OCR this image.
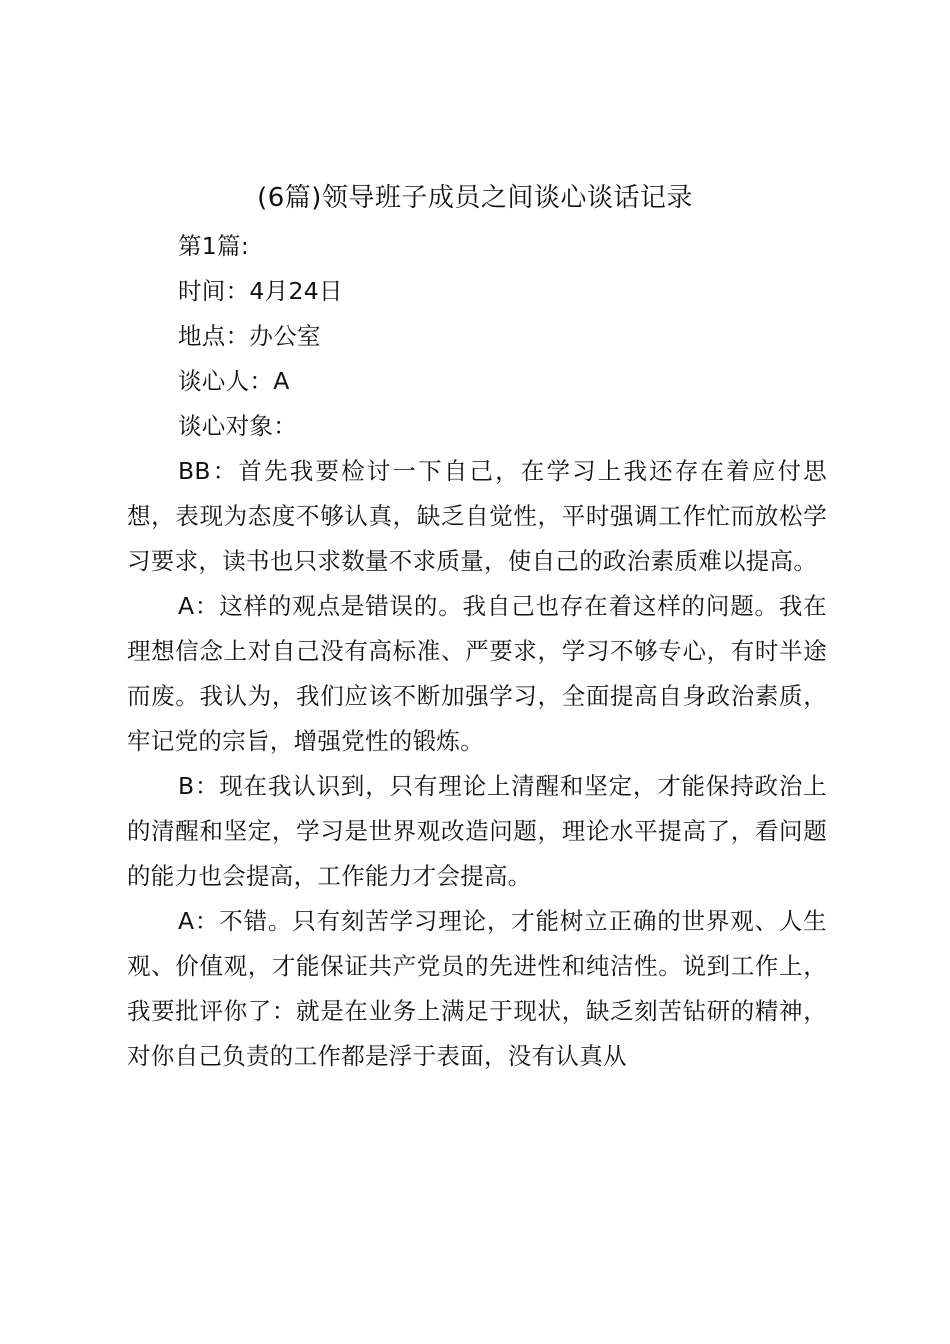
(6篇)领导班子成员之间谈心谈话记录

第1篇:

时间：4月24日

地点：办公室

谈心人：A

谈心对象：

BB：首先我要检讨一下自己，在学习上我还存在着应付思想，表现为态度不够认真，缺乏自觉性，平时强调工作忙而放松学习要求，读书也只求数量不求质量，使自己的政治素质难以提高。

A：这样的观点是错误的。我自己也存在着这样的问题。我在理想信念上对自己没有高标准、严要求，学习不够专心，有时半途而废。我认为，我们应该不断加强学习，全面提高自身政治素质，牢记党的宗旨，增强党性的锻炼。

B：现在我认识到，只有理论上清醒和坚定，才能保持政治上的清醒和坚定，学习是世界观改造问题，理论水平提高了，看问题的能力也会提高，工作能力才会提高。

A：不错。只有刻苦学习理论，才能树立正确的世界观、人生观、价值观，才能保证共产党员的先进性和纯洁性。说到工作上，我要批评你了：就是在业务上满足于现状，缺乏刻苦钻研的精神，对你自己负责的工作都是浮于表面，没有认真从
